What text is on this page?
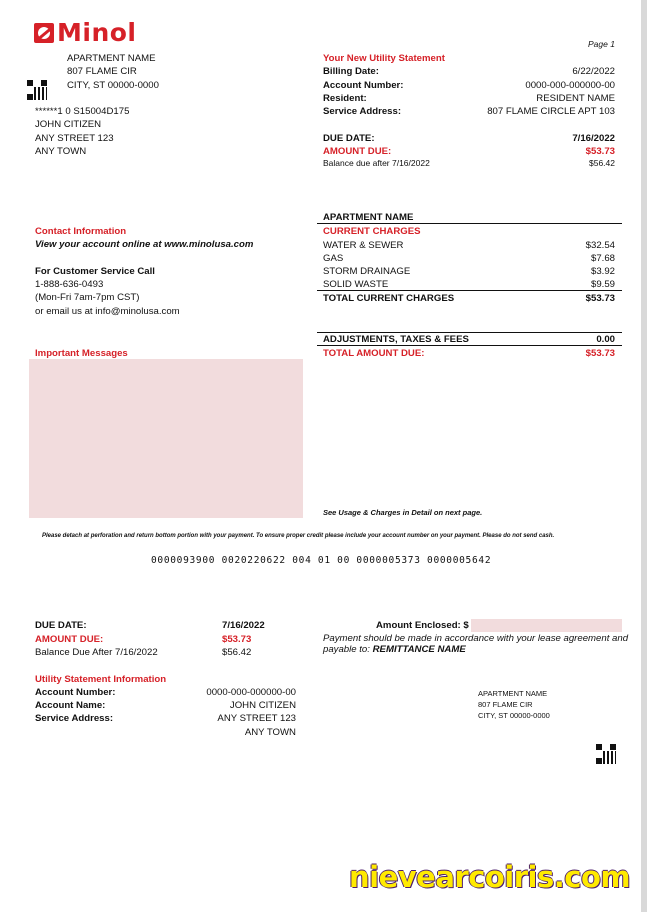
Minol	Page 1
APARTMENT NAME
807 FLAME CIR
CITY, ST 00000-0000
******1 0 S15004D175
JOHN CITIZEN
ANY STREET 123
ANY TOWN
Your New Utility Statement
Billing Date:	6/22/2022
Account Number:	0000-000-000000-00
Resident:	RESIDENT NAME
Service Address:	807 FLAME CIRCLE APT 103
DUE DATE:	7/16/2022
AMOUNT DUE:	$53.73
Balance due after 7/16/2022	$56.42
Contact Information
View your account online at www.minolusa.com
For Customer Service Call
1-888-636-0493
(Mon-Fri 7am-7pm CST)
or email us at info@minolusa.com
Important Messages
APARTMENT NAME
CURRENT CHARGES
WATER & SEWER	$32.54
GAS	$7.68
STORM DRAINAGE	$3.92
SOLID WASTE	$9.59
TOTAL CURRENT CHARGES	$53.73
ADJUSTMENTS, TAXES & FEES	0.00
TOTAL AMOUNT DUE:	$53.73
See Usage & Charges in Detail on next page.
Please detach at perforation and return bottom portion with your payment. To ensure proper credit please include your account number on your payment. Please do not send cash.
0000093900 0020220622 004 01 00 0000005373 0000005642
DUE DATE:	7/16/2022
AMOUNT DUE:	$53.73
Balance Due After 7/16/2022	$56.42
Amount Enclosed: $
Payment should be made in accordance with your lease agreement and
payable to: REMITTANCE NAME
Utility Statement Information
Account Number:	0000-000-000000-00
Account Name:	JOHN CITIZEN
Service Address:	ANY STREET 123
ANY TOWN
APARTMENT NAME
807 FLAME CIR
CITY, ST 00000-0000
nievearcoiris.com
